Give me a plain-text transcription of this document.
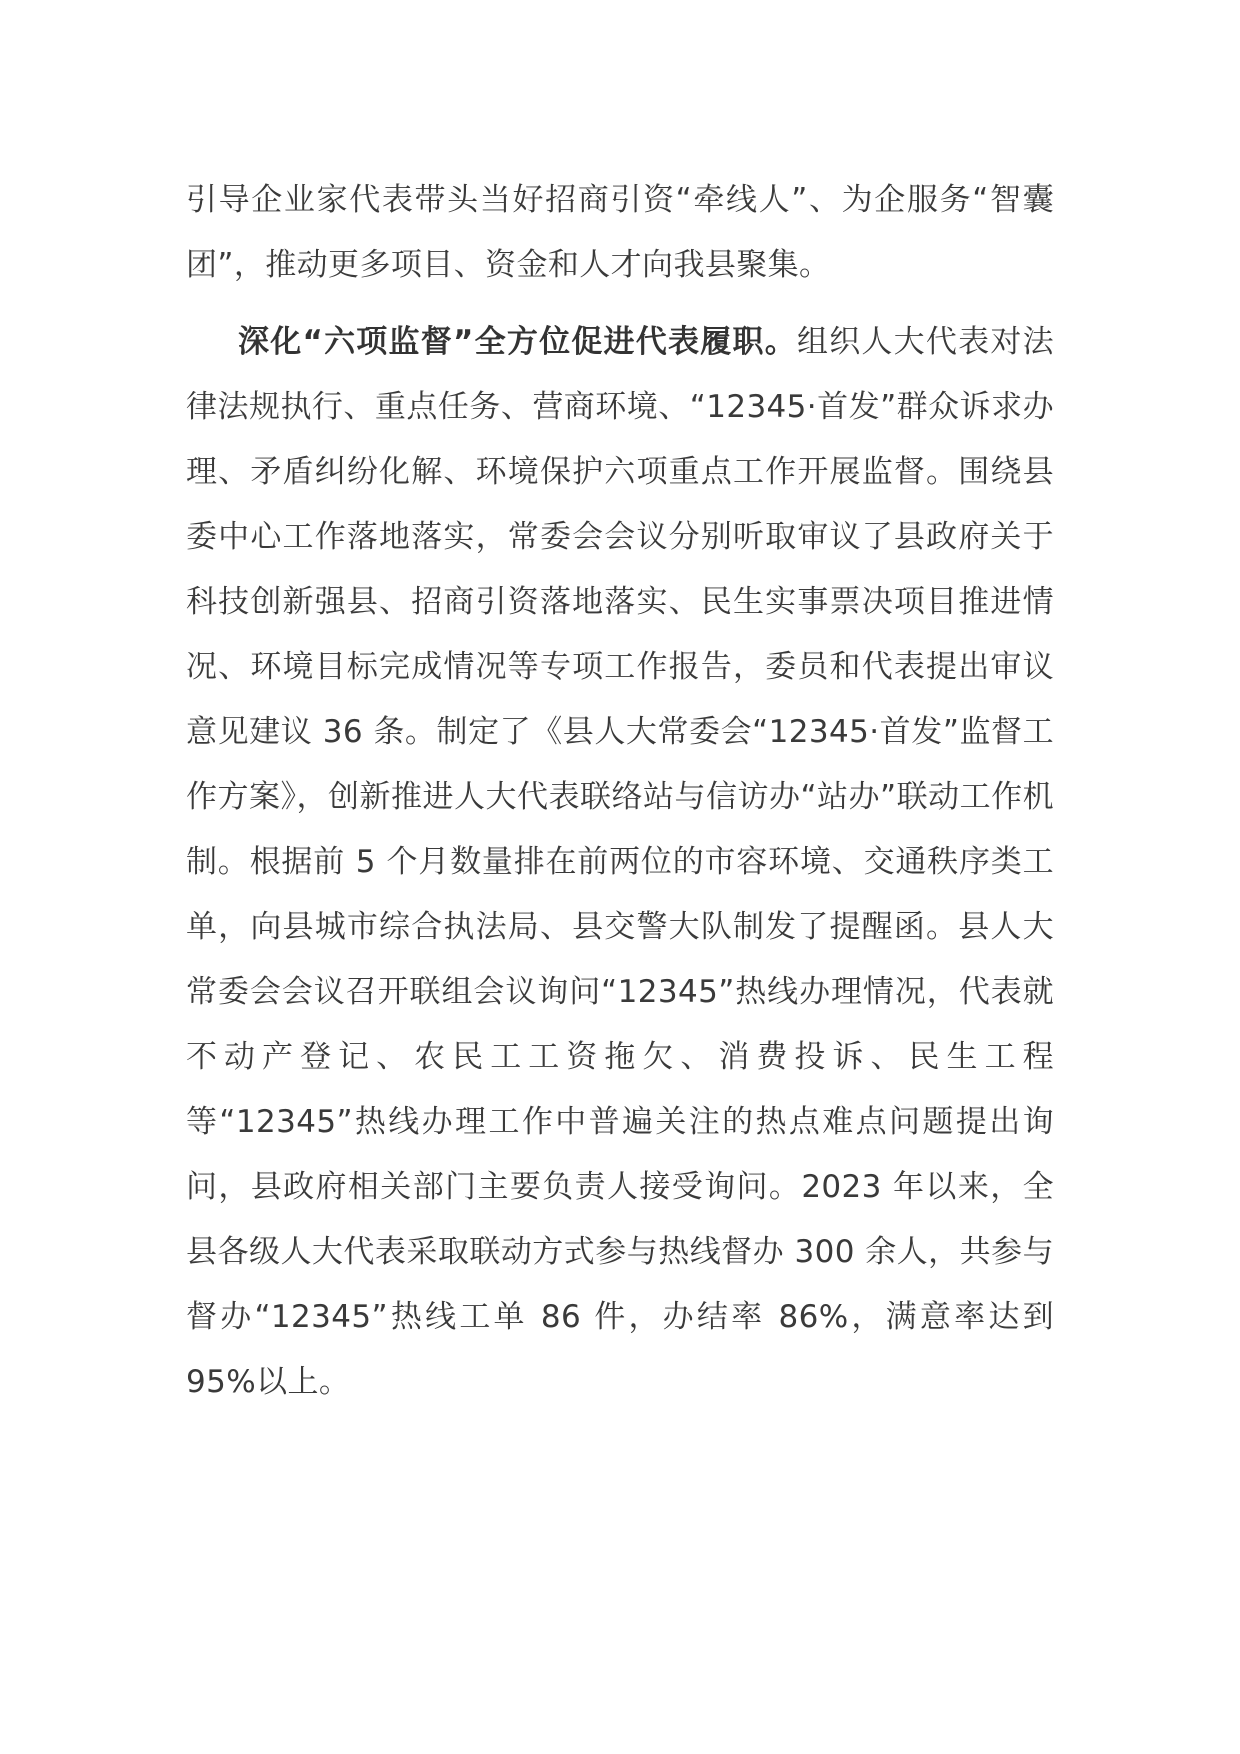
引导企业家代表带头当好招商引资“牵线人”、为企服务“智囊团”，推动更多项目、资金和人才向我县聚集。

深化“六项监督”全方位促进代表履职。组织人大代表对法律法规执行、重点任务、营商环境、“12345·首发”群众诉求办理、矛盾纠纷化解、环境保护六项重点工作开展监督。围绕县委中心工作落地落实，常委会会议分别听取审议了县政府关于科技创新强县、招商引资落地落实、民生实事票决项目推进情况、环境目标完成情况等专项工作报告，委员和代表提出审议意见建议 36 条。制定了《县人大常委会“12345·首发”监督工作方案》，创新推进人大代表联络站与信访办“站办”联动工作机制。根据前 5 个月数量排在前两位的市容环境、交通秩序类工单，向县城市综合执法局、县交警大队制发了提醒函。县人大常委会会议召开联组会议询问“12345”热线办理情况，代表就不动产登记、农民工工资拖欠、消费投诉、民生工程等“12345”热线办理工作中普遍关注的热点难点问题提出询问，县政府相关部门主要负责人接受询问。2023 年以来，全县各级人大代表采取联动方式参与热线督办 300 余人，共参与督办“12345”热线工单 86 件，办结率 86%，满意率达到 95%以上。
